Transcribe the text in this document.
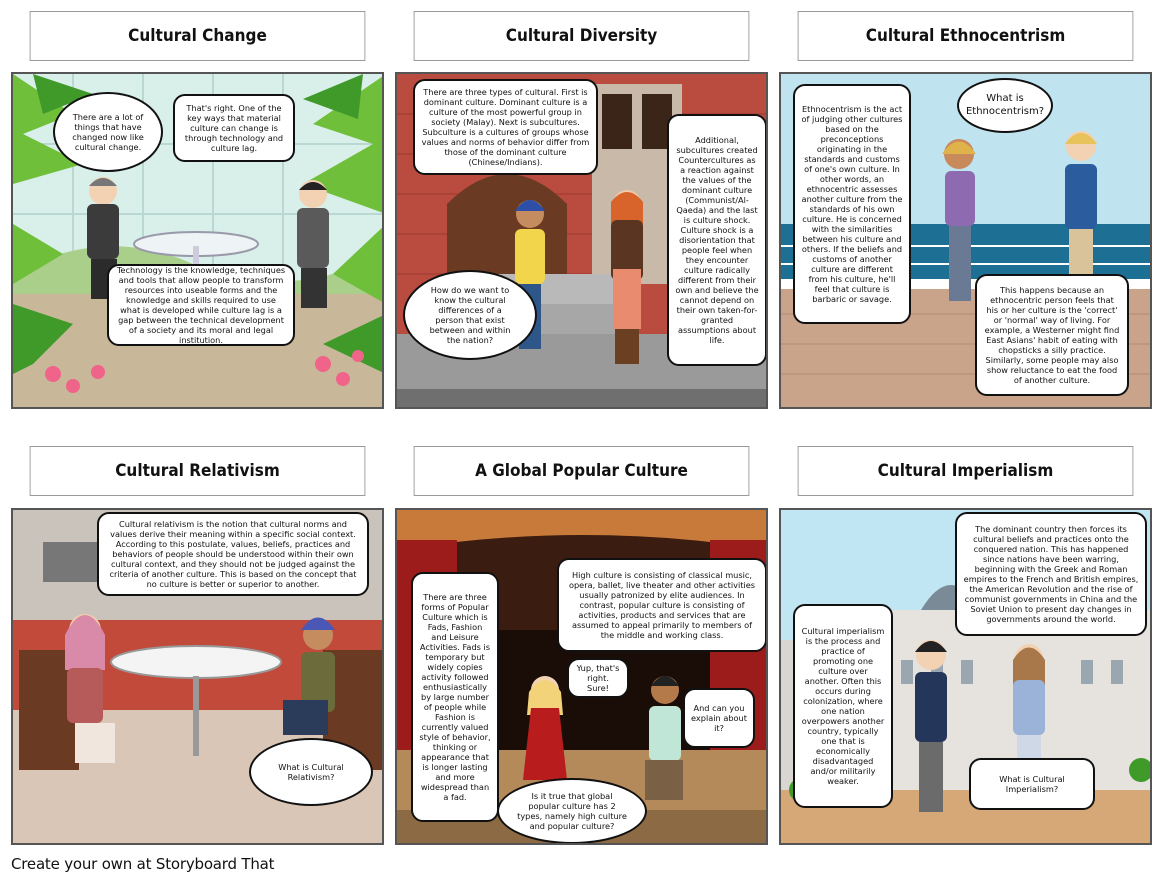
Cultural Change	Cultural Diversity	Cultural Ethnocentrism
Cultural Relativism	A Global Popular Culture	Cultural Imperialism
There are a lot of things that have changed now like cultural change.
That's right. One of the key ways that material culture can change is through technology and culture lag.
Technology is the knowledge, techniques and tools that allow people to transform resources into useable forms and the knowledge and skills required to use what is developed while culture lag is a gap between the technical development of a society and its moral and legal institution.
There are three types of cultural. First is dominant culture. Dominant culture is a culture of the most powerful group in society (Malay). Next is subcultures. Subculture is a cultures of groups whose values and norms of behavior differ from those of the dominant culture (Chinese/Indians).
Additional, subcultures created Countercultures as a reaction against the values of the dominant culture (Communist/Al-Qaeda) and the last is culture shock. Culture shock is a disorientation that people feel when they encounter culture radically different from their own and believe the cannot depend on their own taken-for-granted assumptions about life.
How do we want to know the cultural differences of a person that exist between and within the nation?
Ethnocentrism is the act of judging other cultures based on the preconceptions originating in the standards and customs of one's own culture. In other words, an ethnocentric assesses another culture from the standards of his own culture. He is concerned with the similarities between his culture and others. If the beliefs and customs of another culture are different from his culture, he'll feel that culture is barbaric or savage.
What is Ethnocentrism?
This happens because an ethnocentric person feels that his or her culture is the 'correct' or 'normal' way of living. For example, a Westerner might find East Asians' habit of eating with chopsticks a silly practice. Similarly, some people may also show reluctance to eat the food of another culture.
Cultural relativism is the notion that cultural norms and values derive their meaning within a specific social context. According to this postulate, values, beliefs, practices and behaviors of people should be understood within their own cultural context, and they should not be judged against the criteria of another culture. This is based on the concept that no culture is better or superior to another.
What is Cultural Relativism?
There are three forms of Popular Culture which is Fads, Fashion and Leisure Activities. Fads is temporary but widely copies activity followed enthusiastically by large number of people while Fashion is currently valued style of behavior, thinking or appearance that is longer lasting and more widespread than a fad.
High culture is consisting of classical music, opera, ballet, live theater and other activities usually patronized by elite audiences. In contrast, popular culture is consisting of activities, products and services that are assumed to appeal primarily to members of the middle and working class.
Yup, that's right. Sure!
And can you explain about it?
Is it true that global popular culture has 2 types, namely high culture and popular culture?
The dominant country then forces its cultural beliefs and practices onto the conquered nation. This has happened since nations have been warring, beginning with the Greek and Roman empires to the French and British empires, the American Revolution and the rise of communist governments in China and the Soviet Union to present day changes in governments around the world.
Cultural imperialism is the process and practice of promoting one culture over another. Often this occurs during colonization, where one nation overpowers another country, typically one that is economically disadvantaged and/or militarily weaker.	What is Cultural Imperialism?
Create your own at Storyboard That
